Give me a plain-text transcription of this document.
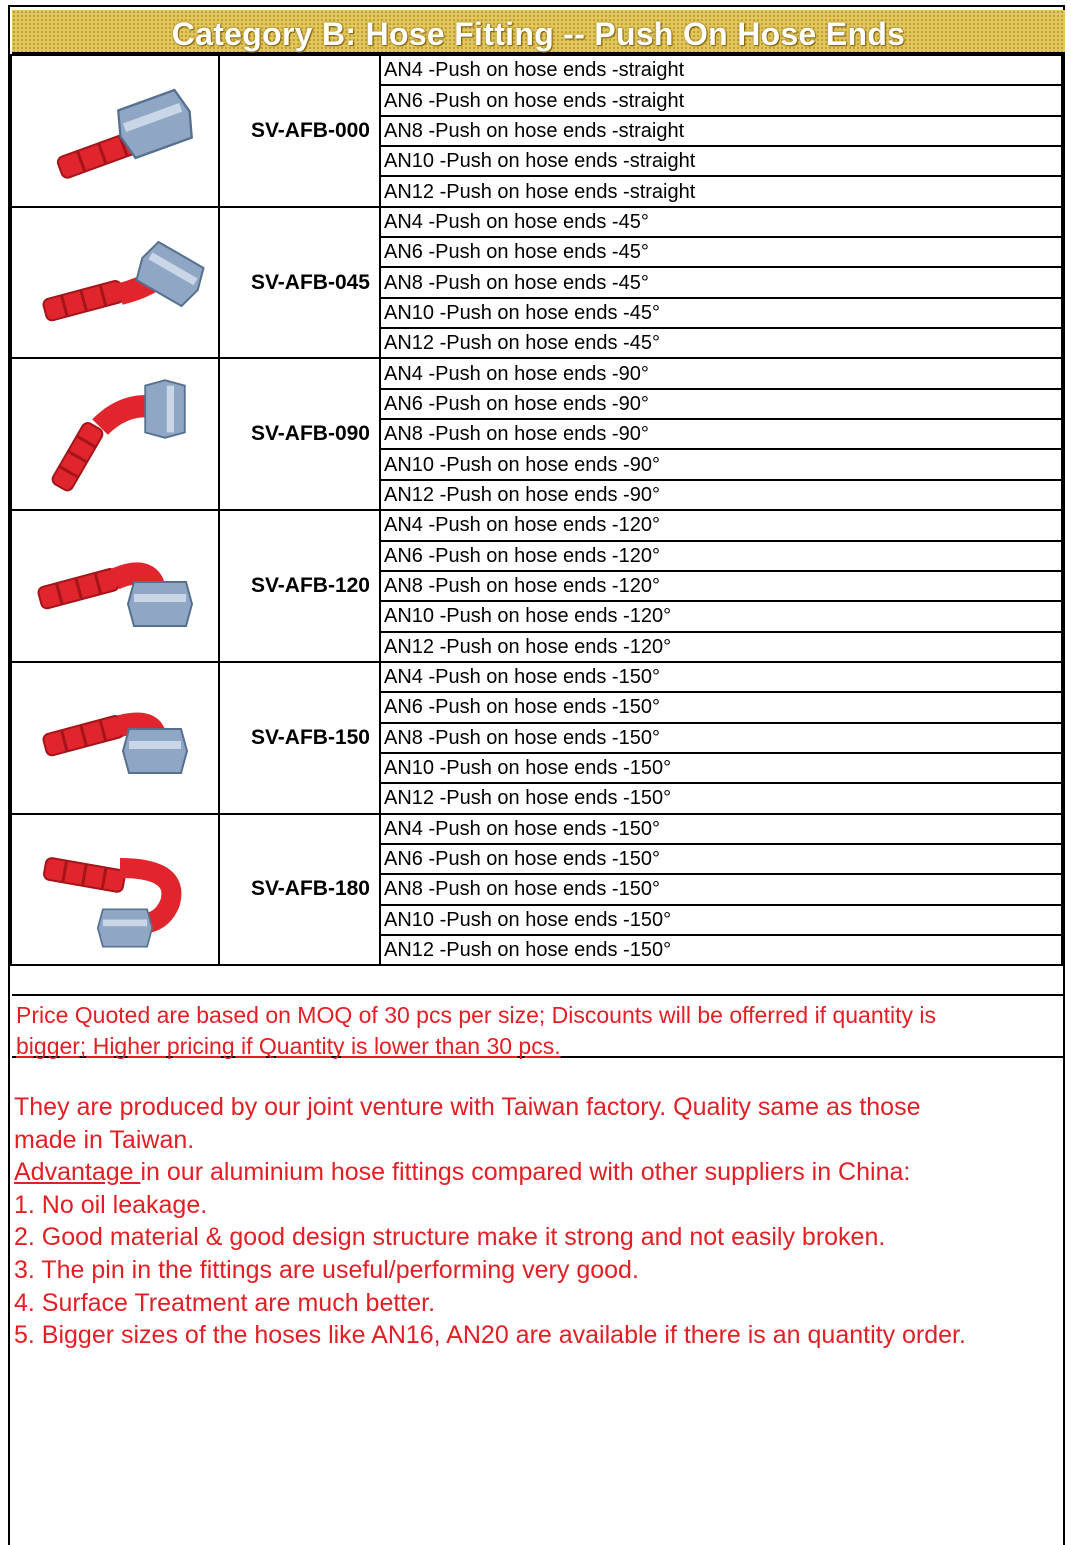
Category B: Hose Fitting -- Push On Hose Ends
	SV-AFB-000	AN4 -Push on hose ends -straight
		AN6 -Push on hose ends -straight
		AN8 -Push on hose ends -straight
		AN10 -Push on hose ends -straight
		AN12 -Push on hose ends -straight

	SV-AFB-045	AN4 -Push on hose ends -45°
		AN6 -Push on hose ends -45°
		AN8 -Push on hose ends -45°
		AN10 -Push on hose ends -45°
		AN12 -Push on hose ends -45°

	SV-AFB-090	AN4 -Push on hose ends -90°
		AN6 -Push on hose ends -90°
		AN8 -Push on hose ends -90°
		AN10 -Push on hose ends -90°
		AN12 -Push on hose ends -90°

	SV-AFB-120	AN4 -Push on hose ends -120°
		AN6 -Push on hose ends -120°
		AN8 -Push on hose ends -120°
		AN10 -Push on hose ends -120°
		AN12 -Push on hose ends -120°

	SV-AFB-150	AN4 -Push on hose ends -150°
		AN6 -Push on hose ends -150°
		AN8 -Push on hose ends -150°
		AN10 -Push on hose ends -150°
		AN12 -Push on hose ends -150°

	SV-AFB-180	AN4 -Push on hose ends -150°
		AN6 -Push on hose ends -150°
		AN8 -Push on hose ends -150°
		AN10 -Push on hose ends -150°
		AN12 -Push on hose ends -150°
Price Quoted are based on MOQ of 30 pcs per size; Discounts will be offerred if quantity is
bigger; Higher pricing if Quantity is lower than 30 pcs.
They are produced by our joint venture with Taiwan factory. Quality same as those
made in Taiwan.
Advantage in our aluminium hose fittings compared with other suppliers in China:
1. No oil leakage.
2. Good material & good design structure make it strong and not easily broken.
3. The pin in the fittings are useful/performing very good.
4. Surface Treatment are much better.
5. Bigger sizes of the hoses like AN16, AN20 are available if there is an quantity order.
